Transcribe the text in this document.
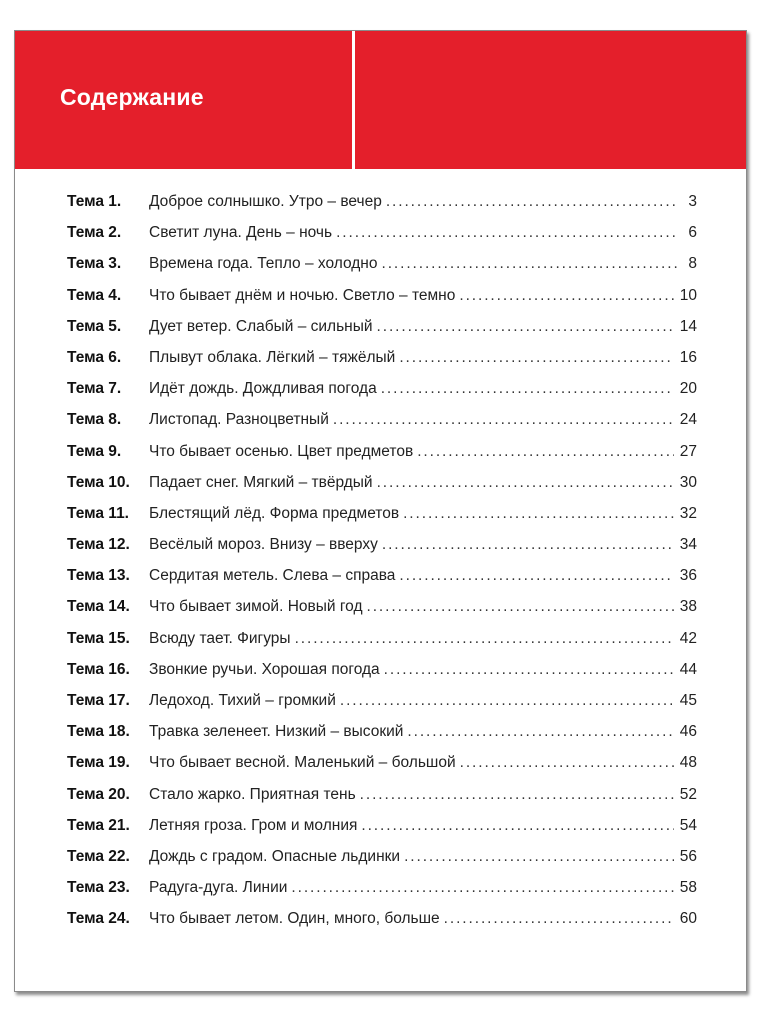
Содержание
Тема 1.	Доброе солнышко. Утро – вечер . . .	3
Тема 2.	Светит луна. День – ночь . . .	6
Тема 3.	Времена года. Тепло – холодно . . .	8
Тема 4.	Что бывает днём и ночью. Светло – темно . . .	10
Тема 5.	Дует ветер. Слабый – сильный . . .	14
Тема 6.	Плывут облака. Лёгкий – тяжёлый . . .	16
Тема 7.	Идёт дождь. Дождливая погода . . .	20
Тема 8.	Листопад. Разноцветный . . .	24
Тема 9.	Что бывает осенью. Цвет предметов . . .	27
Тема 10.	Падает снег. Мягкий – твёрдый . . .	30
Тема 11.	Блестящий лёд. Форма предметов . . .	32
Тема 12.	Весёлый мороз. Внизу – вверху . . .	34
Тема 13.	Сердитая метель. Слева – справа . . .	36
Тема 14.	Что бывает зимой. Новый год . . .	38
Тема 15.	Всюду тает. Фигуры . . .	42
Тема 16.	Звонкие ручьи. Хорошая погода . . .	44
Тема 17.	Ледоход. Тихий – громкий . . .	45
Тема 18.	Травка зеленеет. Низкий – высокий . . .	46
Тема 19.	Что бывает весной. Маленький – большой . . .	48
Тема 20.	Стало жарко. Приятная тень . . .	52
Тема 21.	Летняя гроза. Гром и молния . . .	54
Тема 22.	Дождь с градом. Опасные льдинки . . .	56
Тема 23.	Радуга-дуга. Линии . . .	58
Тема 24.	Что бывает летом. Один, много, больше . . .	60
